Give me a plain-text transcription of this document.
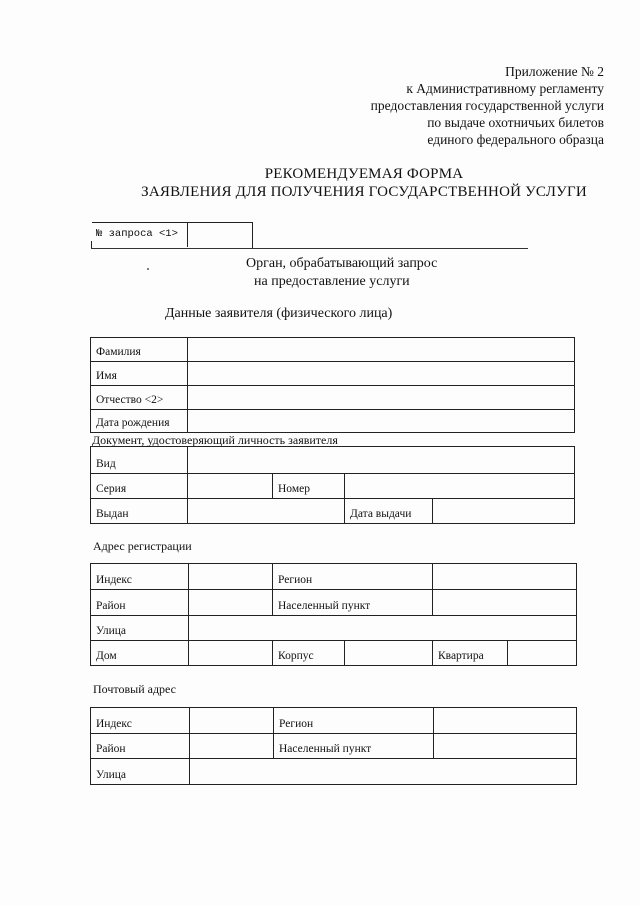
Приложение № 2
к Административному регламенту
предоставления государственной услуги
по выдаче охотничьих билетов
единого федерального образца
РЕКОМЕНДУЕМАЯ ФОРМА
ЗАЯВЛЕНИЯ ДЛЯ ПОЛУЧЕНИЯ ГОСУДАРСТВЕННОЙ УСЛУГИ
№ запроса <1>
Орган, обрабатывающий запрос
на предоставление услуги
Данные заявителя (физического лица)
Фамилия	
Имя	
Отчество <2>	
Дата рождения	
Документ, удостоверяющий личность заявителя
Вид				
Серия		Номер		
Выдан			Дата выдачи	
Адрес регистрации
Индекс		Регион			
Район		Населенный пункт			
Улица					
Дом		Корпус		Квартира	
Почтовый адрес
Индекс		Регион	
Район		Населенный пункт	
Улица			
